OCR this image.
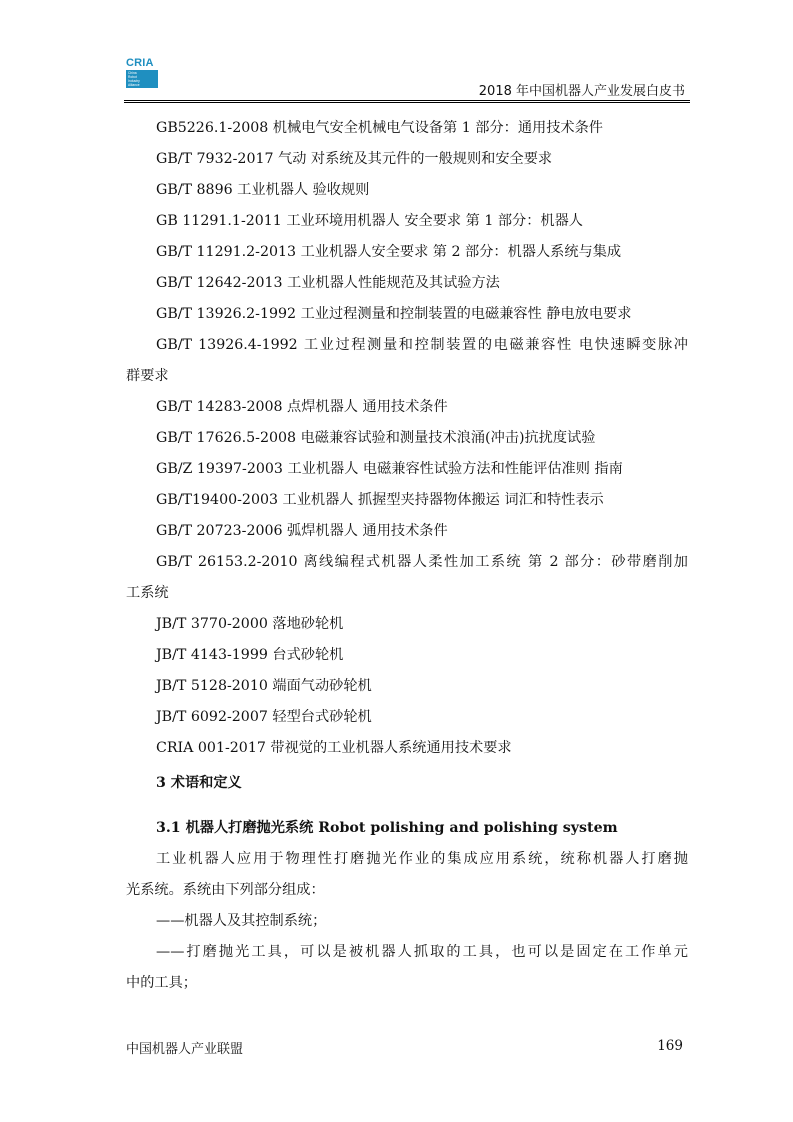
CRIA
China
Robot
Industry
Alliance	2018 年中国机器人产业发展白皮书
GB5226.1-2008 机械电气安全机械电气设备第 1 部分：通用技术条件
GB/T 7932-2017 气动 对系统及其元件的一般规则和安全要求
GB/T 8896 工业机器人 验收规则
GB 11291.1-2011 工业环境用机器人 安全要求 第 1 部分：机器人
GB/T 11291.2-2013 工业机器人安全要求 第 2 部分：机器人系统与集成
GB/T 12642-2013 工业机器人性能规范及其试验方法
GB/T 13926.2-1992 工业过程测量和控制装置的电磁兼容性 静电放电要求
GB/T 13926.4-1992 工业过程测量和控制装置的电磁兼容性 电快速瞬变脉冲
群要求
GB/T 14283-2008 点焊机器人 通用技术条件
GB/T 17626.5-2008 电磁兼容试验和测量技术浪涌(冲击)抗扰度试验
GB/Z 19397-2003 工业机器人 电磁兼容性试验方法和性能评估准则 指南
GB/T19400-2003 工业机器人 抓握型夹持器物体搬运 词汇和特性表示
GB/T 20723-2006 弧焊机器人 通用技术条件
GB/T 26153.2-2010 离线编程式机器人柔性加工系统 第 2 部分：砂带磨削加
工系统
JB/T 3770-2000 落地砂轮机
JB/T 4143-1999 台式砂轮机
JB/T 5128-2010 端面气动砂轮机
JB/T 6092-2007 轻型台式砂轮机
CRIA 001-2017 带视觉的工业机器人系统通用技术要求
3 术语和定义
3.1 机器人打磨抛光系统 Robot polishing and polishing system
工业机器人应用于物理性打磨抛光作业的集成应用系统，统称机器人打磨抛
光系统。系统由下列部分组成：
——机器人及其控制系统；
——打磨抛光工具，可以是被机器人抓取的工具，也可以是固定在工作单元
中的工具；
中国机器人产业联盟	169
